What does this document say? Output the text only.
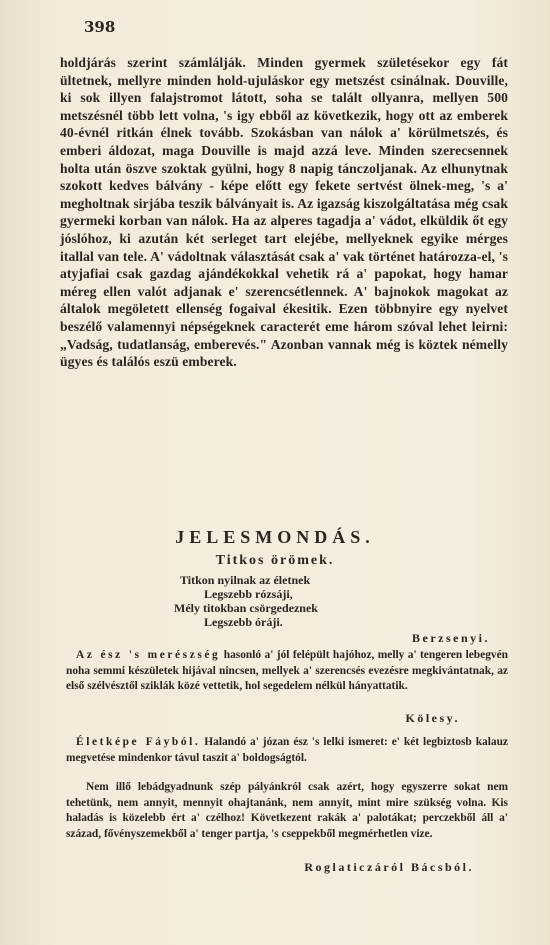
398
holdjárás szerint számlálják. Minden gyermek születésekor egy fát ültetnek, mellyre minden hold-ujuláskor egy metszést csinálnak. Douville, ki sok illyen falajstromot látott, soha se talált ollyanra, mellyen 500 metszésnél több lett volna, 's igy ebből az következik, hogy ott az emberek 40-évnél ritkán élnek tovább. Szokásban van nálok a' körülmetszés, és emberi áldozat, maga Douville is majd azzá leve. Minden szerecsennek holta után öszve szoktak gyülni, hogy 8 napig tánczoljanak. Az elhunytnak szokott kedves bálvány - képe előtt egy fekete sertvést ölnek-meg, 's a' megholtnak sirjába teszik bálványait is. Az igazság kiszolgáltatása még csak gyermeki korban van nálok. Ha az alperes tagadja a' vádot, elküldik őt egy jóslóhoz, ki azután két serleget tart elejébe, mellyeknek egyike mérges itallal van tele. A' vádoltnak választását csak a' vak történet határozza-el, 's atyjafiai csak gazdag ajándékokkal vehetik rá a' papokat, hogy hamar méreg ellen valót adjanak e' szerencsétlennek. A' bajnokok magokat az általok megöletett ellenség fogaival ékesitik. Ezen többnyire egy nyelvet beszélő valamennyi népségeknek caracterét eme három szóval lehet leirni: „Vadság, tudatlanság, emberevés." Azonban vannak még is köztek némelly ügyes és találós eszü emberek.
JELESMONDÁS.
Titkos örömek.
Titkon nyilnak az életnek
Legszebb rózsáji,
Mély titokban csörgedeznek
Legszebb óráji.
Berzsenyi.
Az ész 's merészség hasonló a' jól felépült hajóhoz, melly a' tengeren lebegvén noha semmi készületek hijával nincsen, mellyek a' szerencsés evezésre megkivántatnak, az első szélvésztől sziklák közé vettetik, hol segedelem nélkül hányattatik.
Kölesy.
Életképe Fáyból. Halandó a' józan ész 's lelki ismeret: e' két legbiztosb kalauz megvetése mindenkor távul taszit a' boldogságtól.
Nem illő lebádgyadnunk szép pályánkról csak azért, hogy egyszerre sokat nem tehetünk, nem annyit, mennyit ohajtanánk, nem annyit, mint mire szükség volna. Kis haladás is közelebb ért a' czélhoz! Következent rakák a' palotákat; perczekből áll a' század, fővényszemekből a' tenger partja, 's cseppekből megmérhetlen vize.
Roglaticzáról Bácsból.
